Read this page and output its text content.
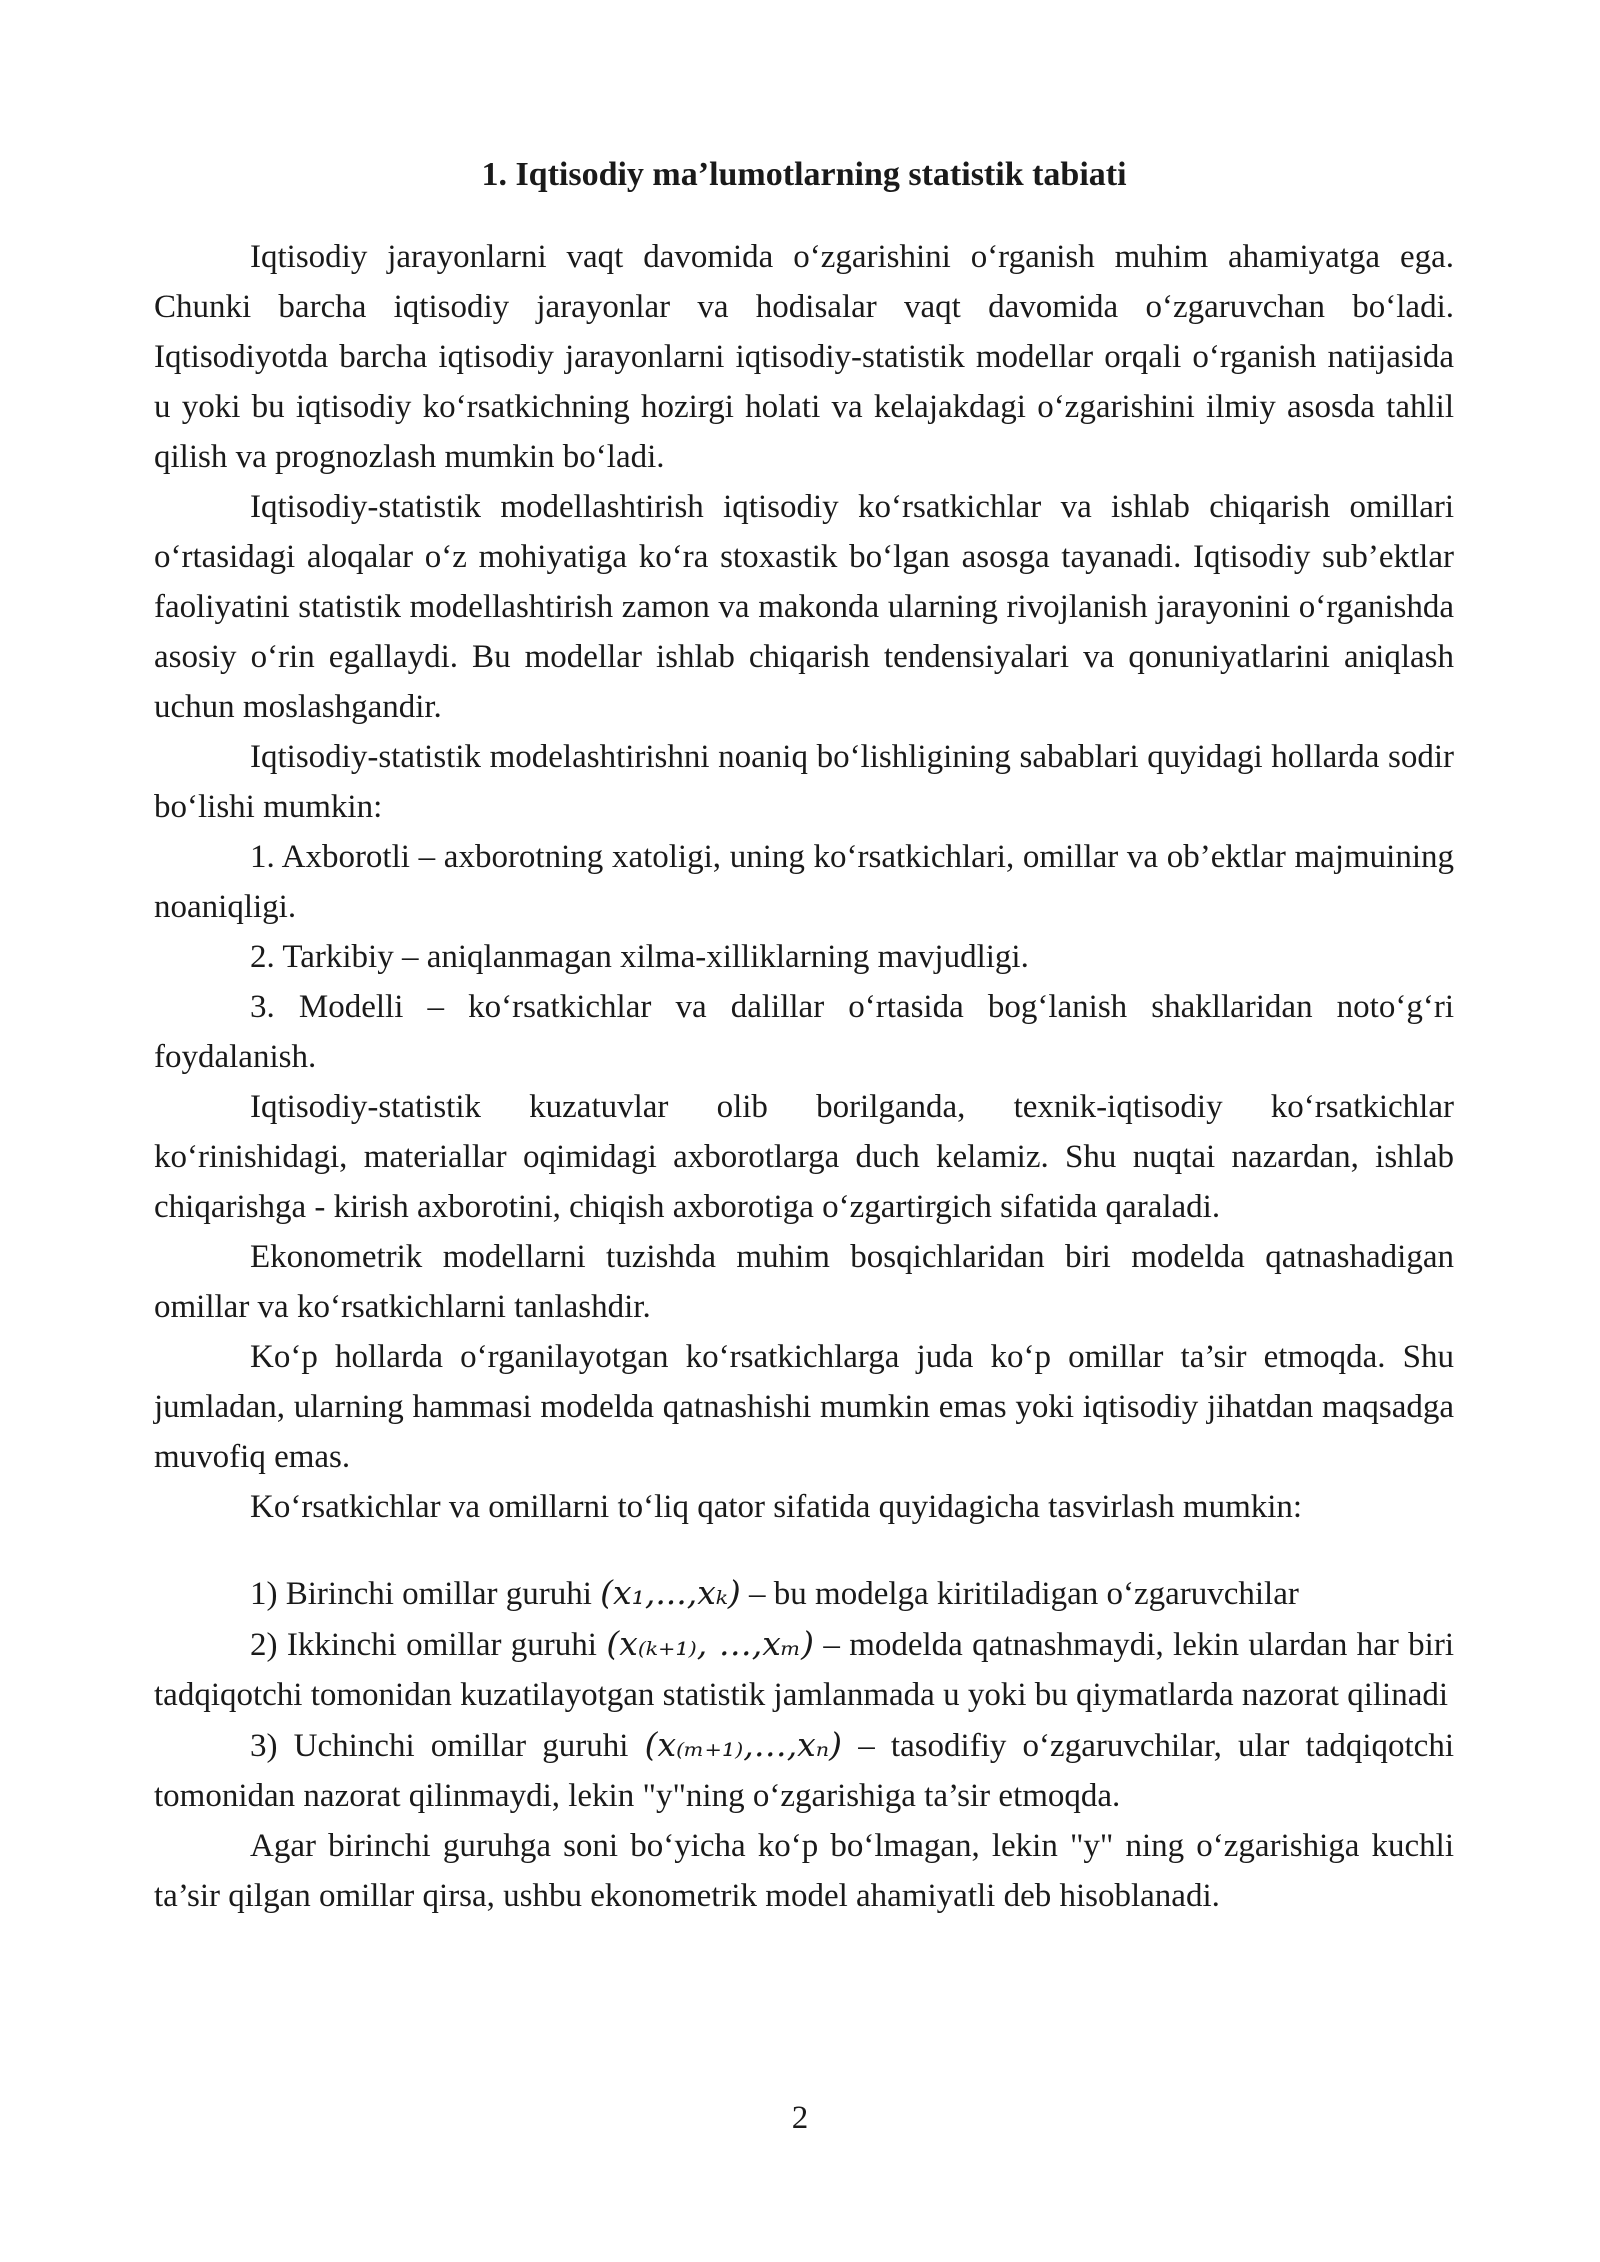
1. Iqtisodiy ma’lumotlarning statistik tabiati

Iqtisodiy jarayonlarni vaqt davomida o‘zgarishini o‘rganish muhim ahamiyatga ega. Chunki barcha iqtisodiy jarayonlar va hodisalar vaqt davomida o‘zgaruvchan bo‘ladi. Iqtisodiyotda barcha iqtisodiy jarayonlarni iqtisodiy-statistik modellar orqali o‘rganish natijasida u yoki bu iqtisodiy ko‘rsatkichning hozirgi holati va kelajakdagi o‘zgarishini ilmiy asosda tahlil qilish va prognozlash mumkin bo‘ladi.

Iqtisodiy-statistik modellashtirish iqtisodiy ko‘rsatkichlar va ishlab chiqarish omillari o‘rtasidagi aloqalar o‘z mohiyatiga ko‘ra stoxastik bo‘lgan asosga tayanadi. Iqtisodiy sub’ektlar faoliyatini statistik modellashtirish zamon va makonda ularning rivojlanish jarayonini o‘rganishda asosiy o‘rin egallaydi. Bu modellar ishlab chiqarish tendensiyalari va qonuniyatlarini aniqlash uchun moslashgandir.

Iqtisodiy-statistik modelashtirishni noaniq bo‘lishligining sabablari quyidagi hollarda sodir bo‘lishi mumkin:

1. Axborotli – axborotning xatoligi, uning ko‘rsatkichlari, omillar va ob’ektlar majmuining noaniqligi.

2. Tarkibiy – aniqlanmagan xilma-xilliklarning mavjudligi.

3. Modelli – ko‘rsatkichlar va dalillar o‘rtasida bog‘lanish shakllaridan noto‘g‘ri foydalanish.

Iqtisodiy-statistik kuzatuvlar olib borilganda, texnik-iqtisodiy ko‘rsatkichlar ko‘rinishidagi, materiallar oqimidagi axborotlarga duch kelamiz. Shu nuqtai nazardan, ishlab chiqarishga - kirish axborotini, chiqish axborotiga o‘zgartirgich sifatida qaraladi.

Ekonometrik modellarni tuzishda muhim bosqichlaridan biri modelda qatnashadigan omillar va ko‘rsatkichlarni tanlashdir.

Ko‘p hollarda o‘rganilayotgan ko‘rsatkichlarga juda ko‘p omillar ta’sir etmoqda. Shu jumladan, ularning hammasi modelda qatnashishi mumkin emas yoki iqtisodiy jihatdan maqsadga muvofiq emas.

Ko‘rsatkichlar va omillarni to‘liq qator sifatida quyidagicha tasvirlash mumkin:

1) Birinchi omillar guruhi (x₁,...,xₖ) – bu modelga kiritiladigan o‘zgaruvchilar

2) Ikkinchi omillar guruhi (x₍ₖ₊₁₎, …,xₘ) – modelda qatnashmaydi, lekin ulardan har biri tadqiqotchi tomonidan kuzatilayotgan statistik jamlanmada u yoki bu qiymatlarda nazorat qilinadi

3) Uchinchi omillar guruhi (x₍ₘ₊₁₎,…,xₙ) – tasodifiy o‘zgaruvchilar, ular tadqiqotchi tomonidan nazorat qilinmaydi, lekin "y"ning o‘zgarishiga ta’sir etmoqda.

Agar birinchi guruhga soni bo‘yicha ko‘p bo‘lmagan, lekin "y" ning o‘zgarishiga kuchli ta’sir qilgan omillar qirsa, ushbu ekonometrik model ahamiyatli deb hisoblanadi.

2
